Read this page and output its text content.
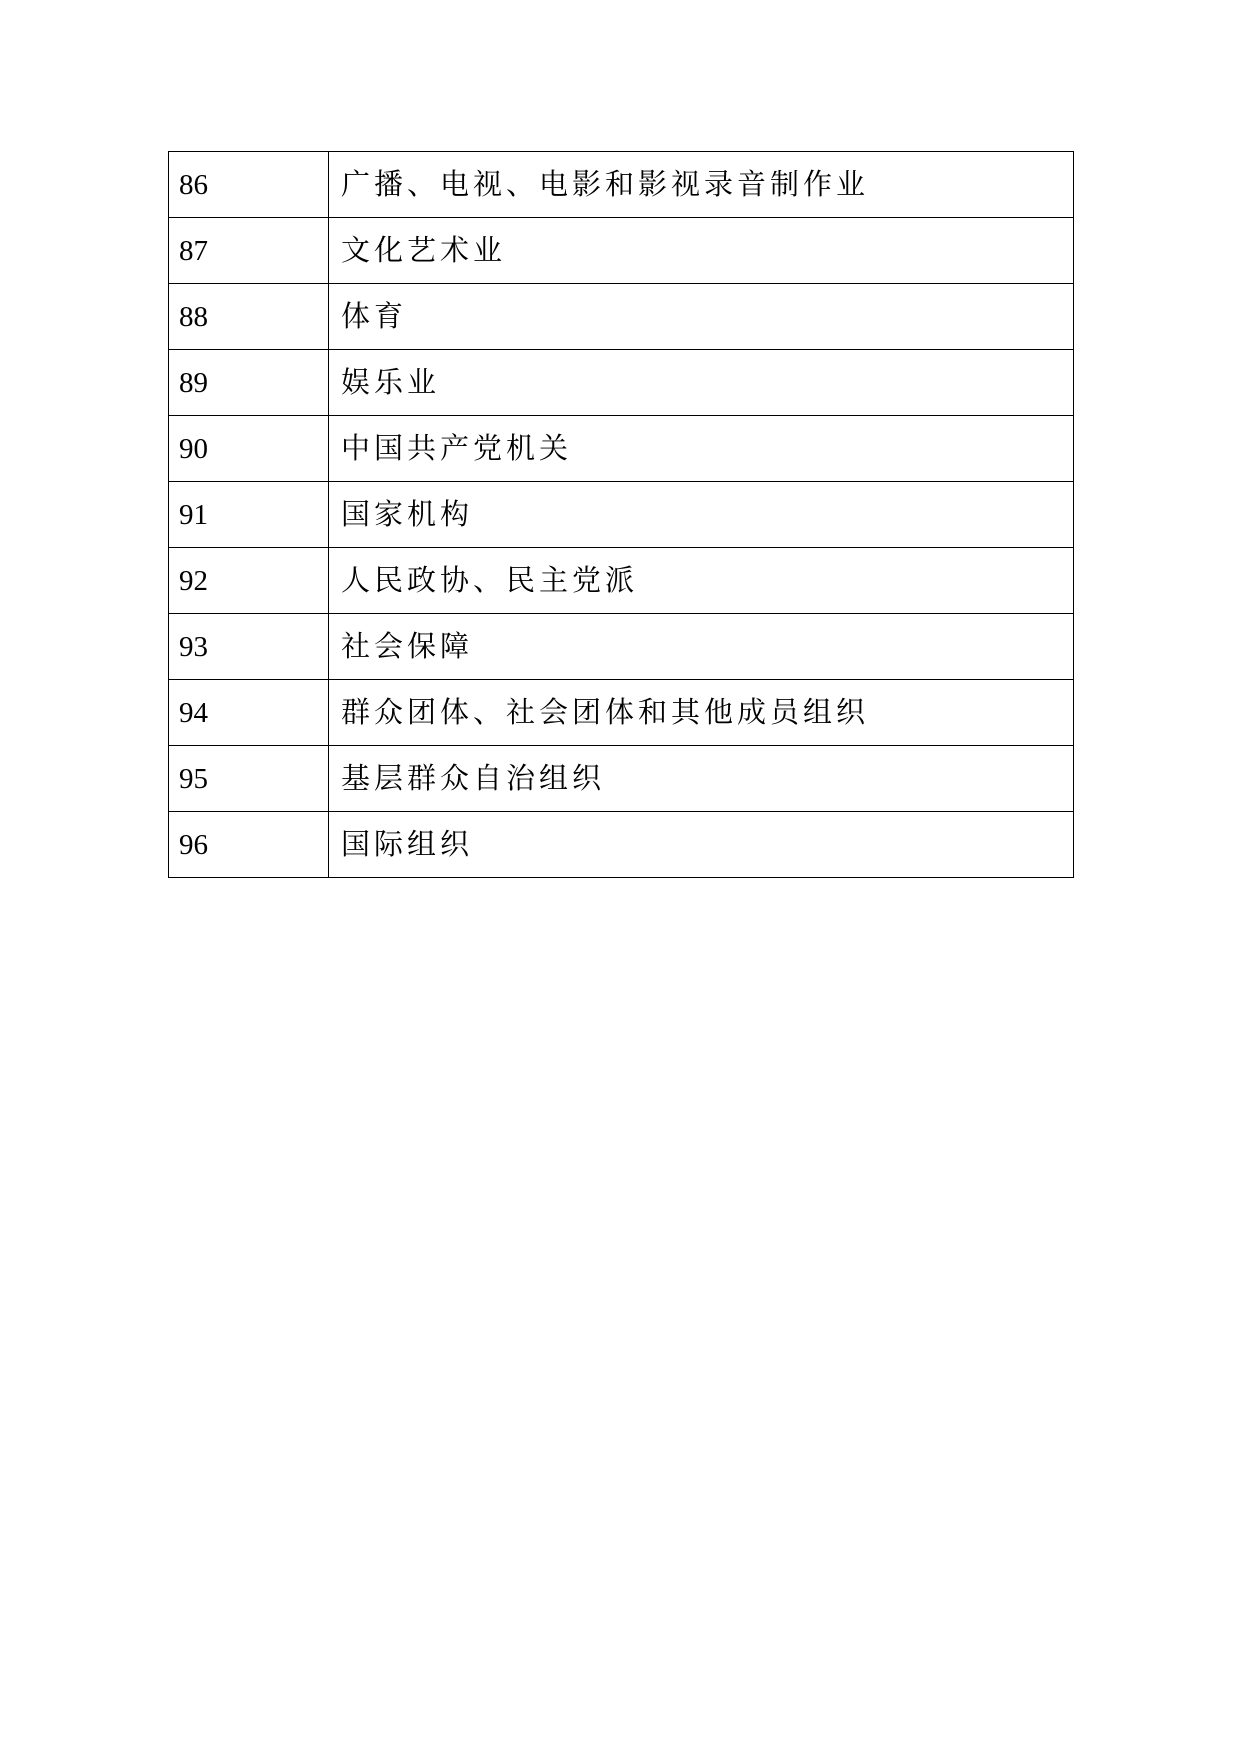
86	广播、电视、电影和影视录音制作业
87	文化艺术业
88	体育
89	娱乐业
90	中国共产党机关
91	国家机构
92	人民政协、民主党派
93	社会保障
94	群众团体、社会团体和其他成员组织
95	基层群众自治组织
96	国际组织
